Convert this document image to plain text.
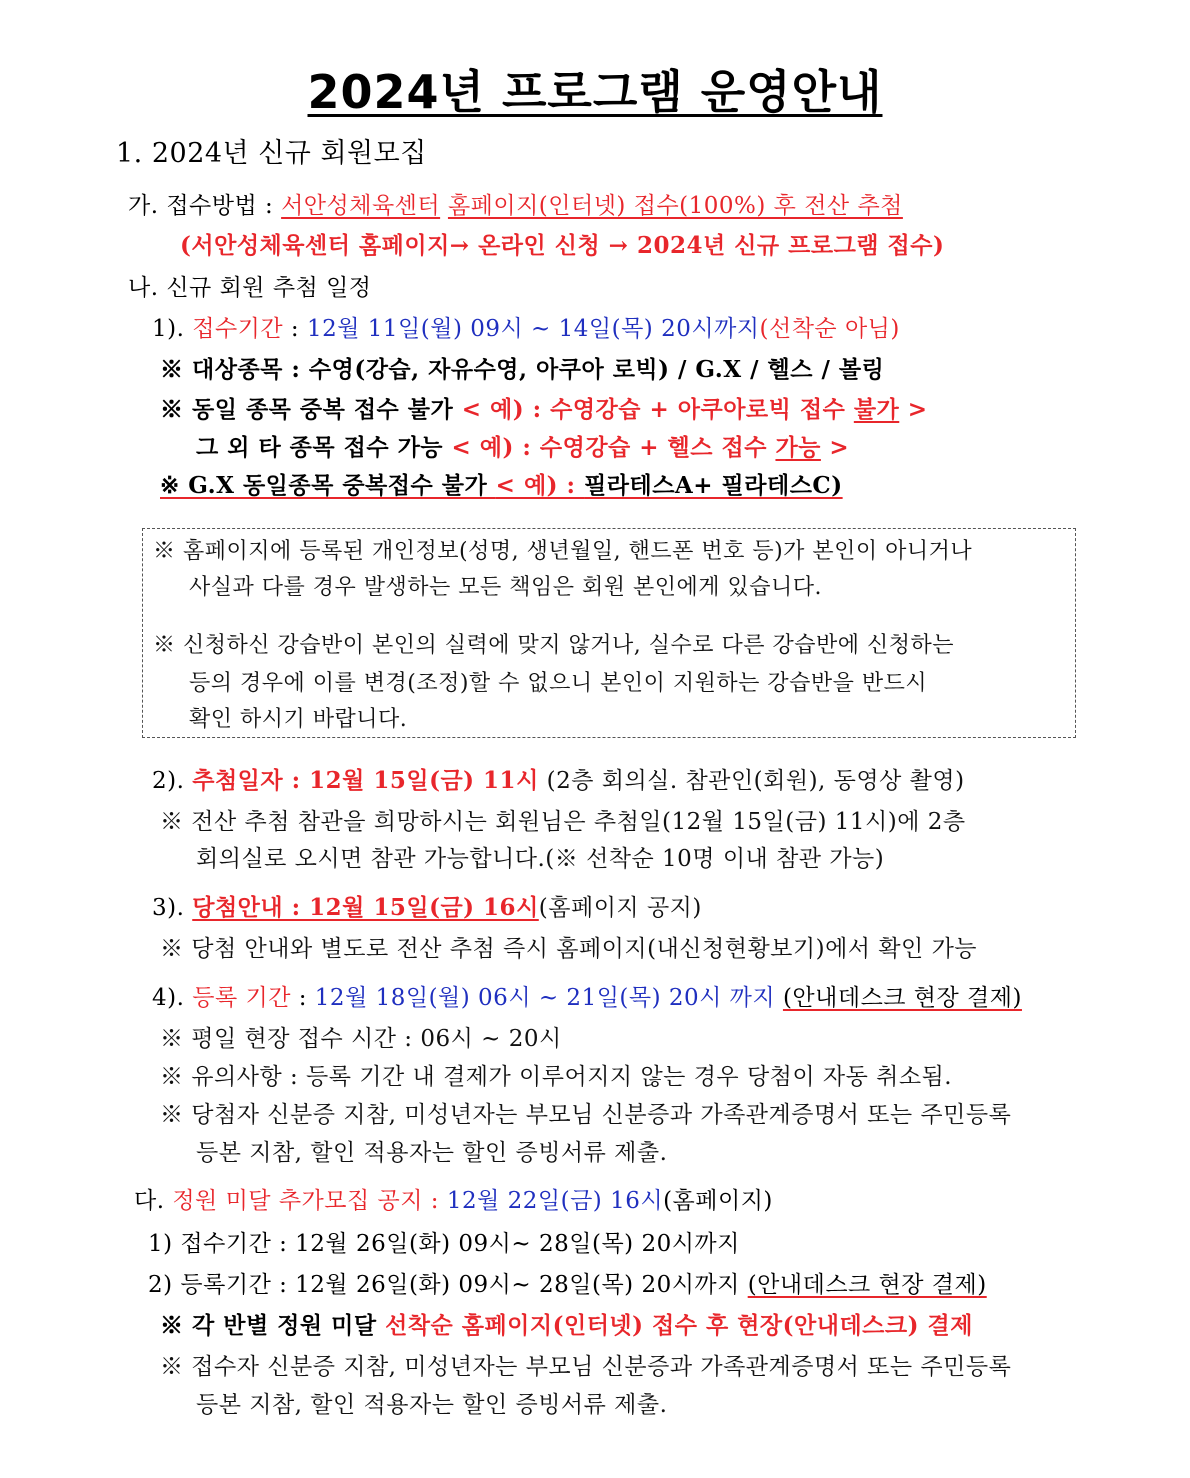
2024년 프로그램 운영안내
1. 2024년 신규 회원모집
가. 접수방법 : 서안성체육센터 홈페이지(인터넷) 접수(100%) 후 전산 추첨
(서안성체육센터 홈페이지→ 온라인 신청 → 2024년 신규 프로그램 접수)
나. 신규 회원 추첨 일정
1). 접수기간 : 12월 11일(월) 09시 ~ 14일(목) 20시까지(선착순 아님)
※ 대상종목 : 수영(강습, 자유수영, 아쿠아 로빅) / G.X / 헬스 / 볼링
※ 동일 종목 중복 접수 불가 < 예) : 수영강습 + 아쿠아로빅 접수 불가 >
그 외 타 종목 접수 가능 < 예) : 수영강습 + 헬스 접수 가능 >
※ G.X 동일종목 중복접수 불가 < 예) : 필라테스A+ 필라테스C)
※ 홈페이지에 등록된 개인정보(성명, 생년월일, 핸드폰 번호 등)가 본인이 아니거나
사실과 다를 경우 발생하는 모든 책임은 회원 본인에게 있습니다.
※ 신청하신 강습반이 본인의 실력에 맞지 않거나, 실수로 다른 강습반에 신청하는
등의 경우에 이를 변경(조정)할 수 없으니 본인이 지원하는 강습반을 반드시
확인 하시기 바랍니다.
2). 추첨일자 : 12월 15일(금) 11시 (2층 회의실. 참관인(회원), 동영상 촬영)
※ 전산 추첨 참관을 희망하시는 회원님은 추첨일(12월 15일(금) 11시)에 2층
회의실로 오시면 참관 가능합니다.(※ 선착순 10명 이내 참관 가능)
3). 당첨안내 : 12월 15일(금) 16시(홈페이지 공지)
※ 당첨 안내와 별도로 전산 추첨 즉시 홈페이지(내신청현황보기)에서 확인 가능
4). 등록 기간 : 12월 18일(월) 06시 ~ 21일(목) 20시 까지 (안내데스크 현장 결제)
※ 평일 현장 접수 시간 : 06시 ~ 20시
※ 유의사항 : 등록 기간 내 결제가 이루어지지 않는 경우 당첨이 자동 취소됨.
※ 당첨자 신분증 지참, 미성년자는 부모님 신분증과 가족관계증명서 또는 주민등록
등본 지참, 할인 적용자는 할인 증빙서류 제출.
다. 정원 미달 추가모집 공지 : 12월 22일(금) 16시(홈페이지)
1) 접수기간 : 12월 26일(화) 09시~ 28일(목) 20시까지
2) 등록기간 : 12월 26일(화) 09시~ 28일(목) 20시까지 (안내데스크 현장 결제)
※ 각 반별 정원 미달 선착순 홈페이지(인터넷) 접수 후 현장(안내데스크) 결제
※ 접수자 신분증 지참, 미성년자는 부모님 신분증과 가족관계증명서 또는 주민등록
등본 지참, 할인 적용자는 할인 증빙서류 제출.
